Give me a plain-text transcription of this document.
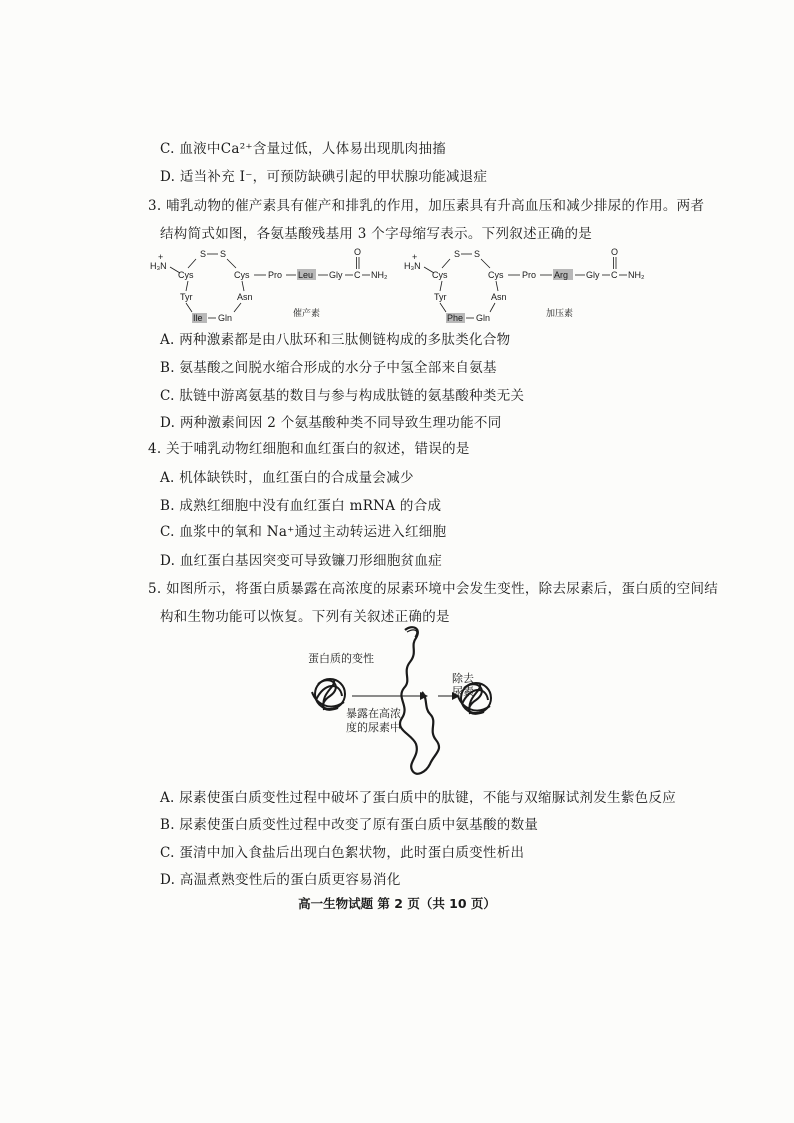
C. 血液中Ca²⁺含量过低，人体易出现肌肉抽搐
D. 适当补充 I⁻，可预防缺碘引起的甲状腺功能减退症
3. 哺乳动物的催产素具有催产和排乳的作用，加压素具有升高血压和减少排尿的作用。两者
结构简式如图，各氨基酸残基用 3 个字母缩写表示。下列叙述正确的是
H₃N
+	S S
Cys	Cys
Tyr
Ile Gln
Asn
Pro Leu Gly C
O
NH₂
催产素
H₃N
+	S S
Cys	Cys
Tyr
Phe Gln
Asn
Pro Arg Gly C
O
NH₂
加压素
A. 两种激素都是由八肽环和三肽侧链构成的多肽类化合物
B. 氨基酸之间脱水缩合形成的水分子中氢全部来自氨基
C. 肽链中游离氨基的数目与参与构成肽链的氨基酸种类无关
D. 两种激素间因 2 个氨基酸种类不同导致生理功能不同
4. 关于哺乳动物红细胞和血红蛋白的叙述，错误的是
A. 机体缺铁时，血红蛋白的合成量会减少
B. 成熟红细胞中没有血红蛋白 mRNA 的合成
C. 血浆中的氧和 Na⁺通过主动转运进入红细胞
D. 血红蛋白基因突变可导致镰刀形细胞贫血症
5. 如图所示，将蛋白质暴露在高浓度的尿素环境中会发生变性，除去尿素后，蛋白质的空间结
构和生物功能可以恢复。下列有关叙述正确的是
蛋白质的变性
除去
尿素
暴露在高浓
度的尿素中
A. 尿素使蛋白质变性过程中破坏了蛋白质中的肽键，不能与双缩脲试剂发生紫色反应
B. 尿素使蛋白质变性过程中改变了原有蛋白质中氨基酸的数量
C. 蛋清中加入食盐后出现白色絮状物，此时蛋白质变性析出
D. 高温煮熟变性后的蛋白质更容易消化
高一生物试题 第 2 页（共 10 页）
